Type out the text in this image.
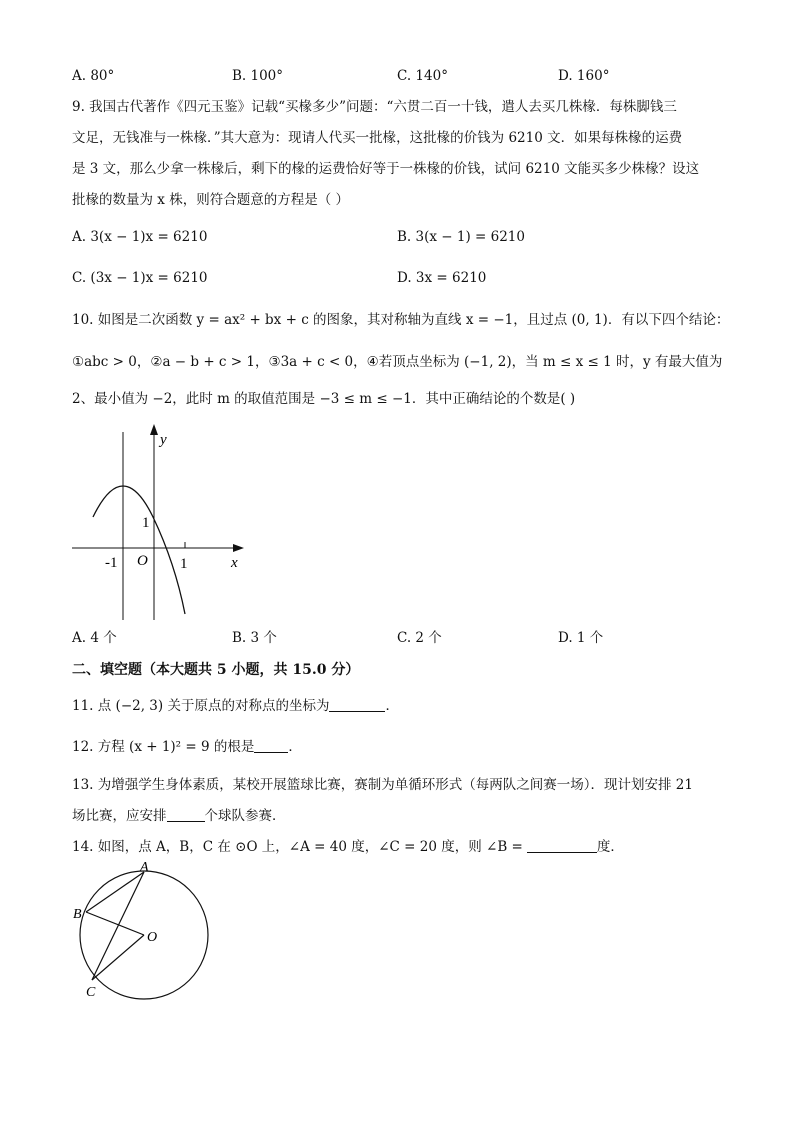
A. 80°	B. 100°	C. 140°	D. 160°
9. 我国古代著作《四元玉鉴》记载“买椽多少”问题：“六贯二百一十钱，遣人去买几株椽．每株脚钱三
文足，无钱准与一株椽．”其大意为：现请人代买一批椽，这批椽的价钱为 6210 文．如果每株椽的运费
是 3 文，那么少拿一株椽后，剩下的椽的运费恰好等于一株椽的价钱，试问 6210 文能买多少株椽？设这
批椽的数量为 x 株，则符合题意的方程是（ ）
A. 3(x − 1)x = 6210	B. 3(x − 1) = 6210
C. (3x − 1)x = 6210	D. 3x = 6210
10. 如图是二次函数 y = ax² + bx + c 的图象，其对称轴为直线 x = −1，且过点 (0, 1)．有以下四个结论：
①abc > 0，②a − b + c > 1，③3a + c < 0，④若顶点坐标为 (−1, 2)，当 m ≤ x ≤ 1 时，y 有最大值为
2、最小值为 −2，此时 m 的取值范围是 −3 ≤ m ≤ −1．其中正确结论的个数是( )
y
x
1
-1 O 1
A. 4 个	B. 3 个	C. 2 个	D. 1 个
二、填空题（本大题共 5 小题，共 15.0 分）
11. 点 (−2, 3) 关于原点的对称点的坐标为	．
12. 方程 (x + 1)² = 9 的根是	．
13. 为增强学生身体素质，某校开展篮球比赛，赛制为单循环形式（每两队之间赛一场）．现计划安排 21
场比赛，应安排	个球队参赛．
14. 如图，点 A，B，C 在 ⊙O 上，∠A = 40 度，∠C = 20 度，则 ∠B =	度．
A
B
C
O
